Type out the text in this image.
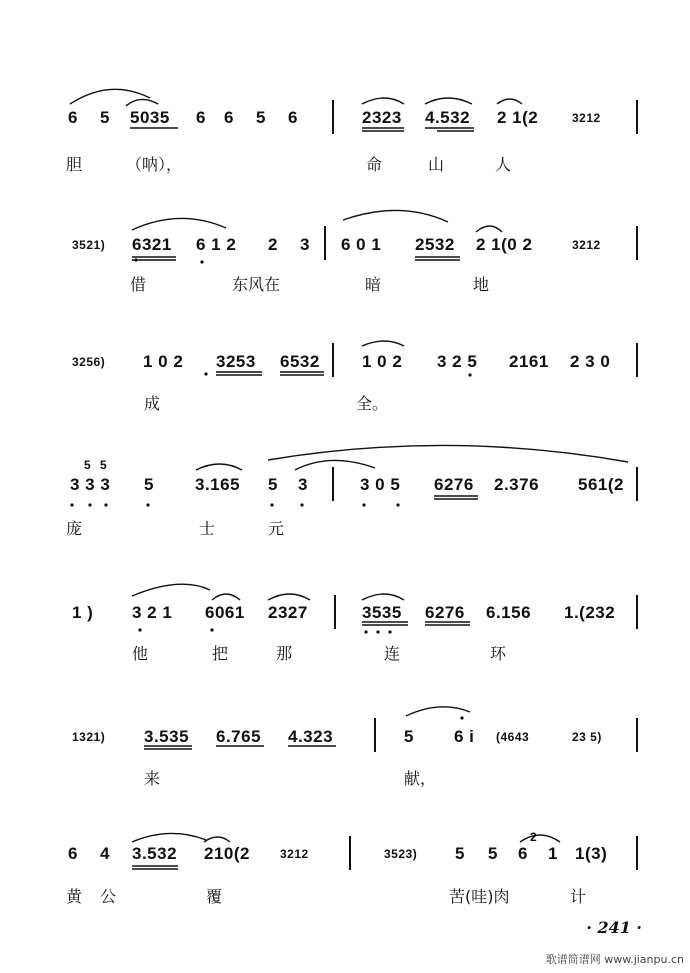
6 5 5035 6 6 5 6	2323 4.532 2 1(2	3212
胆	（呐），	命	山	人
3521) 6321 6 1 2 2 3 6 0 1 2532 2 1(0 2	3212
借	东风在	暗	地
3256) 1 0 2 3253 6532 1 0 2 3 2 5 2161 2 3 0
成	全。
3 3 3
5 5
5 3.165 5 3	3 0 5 6276 2.376 561(2
庞	士	元
1 ) 3 2 1 6061 2327	3535 6276 6.156 1.(232
他	把	那	连	环
1321) 3.535 6.765 4.323	5 6 i (4643	23 5)
来	献，
6 4 3.532 210(2	3212	3523) 5 5 6
2
1 1(3)
黄 公	覆	苦(哇)肉	计
· 241 ·
歌谱简谱网 www.jianpu.cn
